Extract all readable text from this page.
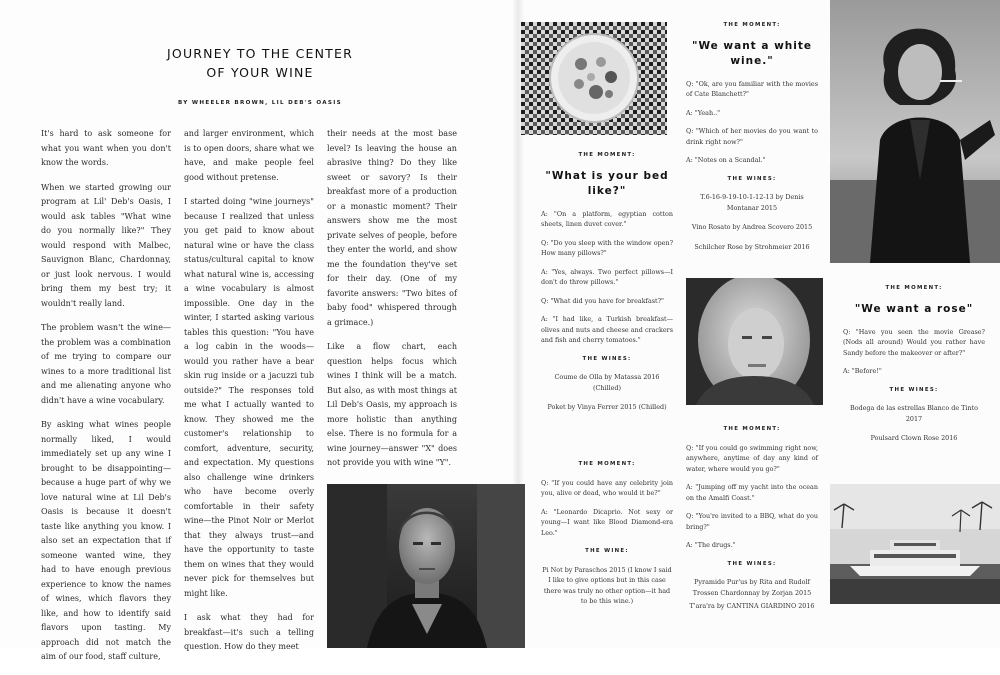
JOURNEY TO THE CENTER
OF YOUR WINE
BY WHEELER BROWN, LIL DEB'S OASIS

It's hard to ask someone for what you want when you don't know the words.

When we started growing our program at Lil' Deb's Oasis, I would ask tables "What wine do you normally like?" They would respond with Malbec, Sauvignon Blanc, Chardonnay, or just look nervous. I would bring them my best try; it wouldn't really land.

The problem wasn't the wine—the problem was a combination of me trying to compare our wines to a more traditional list and me alienating anyone who didn't have a wine vocabulary.

By asking what wines people normally liked, I would immediately set up any wine I brought to be disappointing—because a huge part of why we love natural wine at Lil Deb's Oasis is because it doesn't taste like anything you know. I also set an expectation that if someone wanted wine, they had to have enough previous experience to know the names of wines, which flavors they like, and how to identify said flavors upon tasting. My approach did not match the aim of our food, staff culture,

and larger environment, which is to open doors, share what we have, and make people feel good without pretense.

I started doing "wine journeys" because I realized that unless you get paid to know about natural wine or have the class status/cultural capital to know what natural wine is, accessing a wine vocabulary is almost impossible. One day in the winter, I started asking various tables this question: "You have a log cabin in the woods—would you rather have a bear skin rug inside or a jacuzzi tub outside?" The responses told me what I actually wanted to know. They showed me the customer's relationship to comfort, adventure, security, and expectation. My questions also challenge wine drinkers who have become overly comfortable in their safety wine—the Pinot Noir or Merlot that they always trust—and have the opportunity to taste them on wines that they would never pick for themselves but might like.

I ask what they had for breakfast—it's such a telling question. How do they meet

their needs at the most base level? Is leaving the house an abrasive thing? Do they like sweet or savory? Is their breakfast more of a production or a monastic moment? Their answers show me the most private selves of people, before they enter the world, and show me the foundation they've set for their day. (One of my favorite answers: "Two bites of baby food" whispered through a grimace.)

Like a flow chart, each question helps focus which wines I think will be a match. But also, as with most things at Lil Deb's Oasis, my approach is more holistic than anything else. There is no formula for a wine journey—answer "X" does not provide you with wine "Y".

THE MOMENT:
"What is your bed like?"

A: "On a platform, egyptian cotton sheets, linen duvet cover."

Q: "Do you sleep with the window open? How many pillows?"

A: "Yes, always. Two perfect pillows—I don't do throw pillows."

Q: "What did you have for breakfast?"

A: "I had like, a Turkish breakfast—olives and nuts and cheese and crackers and fish and cherry tomatoes."

THE WINES:

Coume de Olla by Matassa 2016 (Chilled)

Poket by Vinya Ferrer 2015 (Chilled)

THE MOMENT:

Q: "If you could have any celebrity join you, alive or dead, who would it be?"

A: "Leonardo Dicaprio. Not sexy or young—I want like Blood Diamond-era Leo."

THE WINE:

Pi Not by Paraschos 2015 (I know I said I like to give options but in this case there was truly no other option—it had to be this wine.)

THE MOMENT:
"We want a white wine."

Q: "Ok, are you familiar with the movies of Cate Blanchett?"

A: "Yeah.."

Q: "Which of her movies do you want to drink right now?"

A: "Notes on a Scandal."

THE WINES:

T.6-16-9-19-10-1-12-13 by Denis Montanar 2015

Vino Rosato by Andrea Scovero 2015

Schilcher Rose by Strohmeier 2016

THE MOMENT:

Q: "If you could go swimming right now, anywhere, anytime of day any kind of water, where would you go?"

A: "Jumping off my yacht into the ocean on the Amalfi Coast."

Q: "You're invited to a BBQ, what do you bring?"

A: "The drugs."

THE WINES:

Pyramide Pur'us by Rita and Rudolf Trossen Chardonnay by Zorjan 2015

T'ara'ra by CANTINA GIARDINO 2016

THE MOMENT:
"We want a rose"

Q: "Have you seen the movie Grease? (Nods all around) Would you rather have Sandy before the makeover or after?"

A: "Before!"

THE WINES:

Bodega de las estrellas Blanco de Tinto 2017

Poulsard Clown Rose 2016
